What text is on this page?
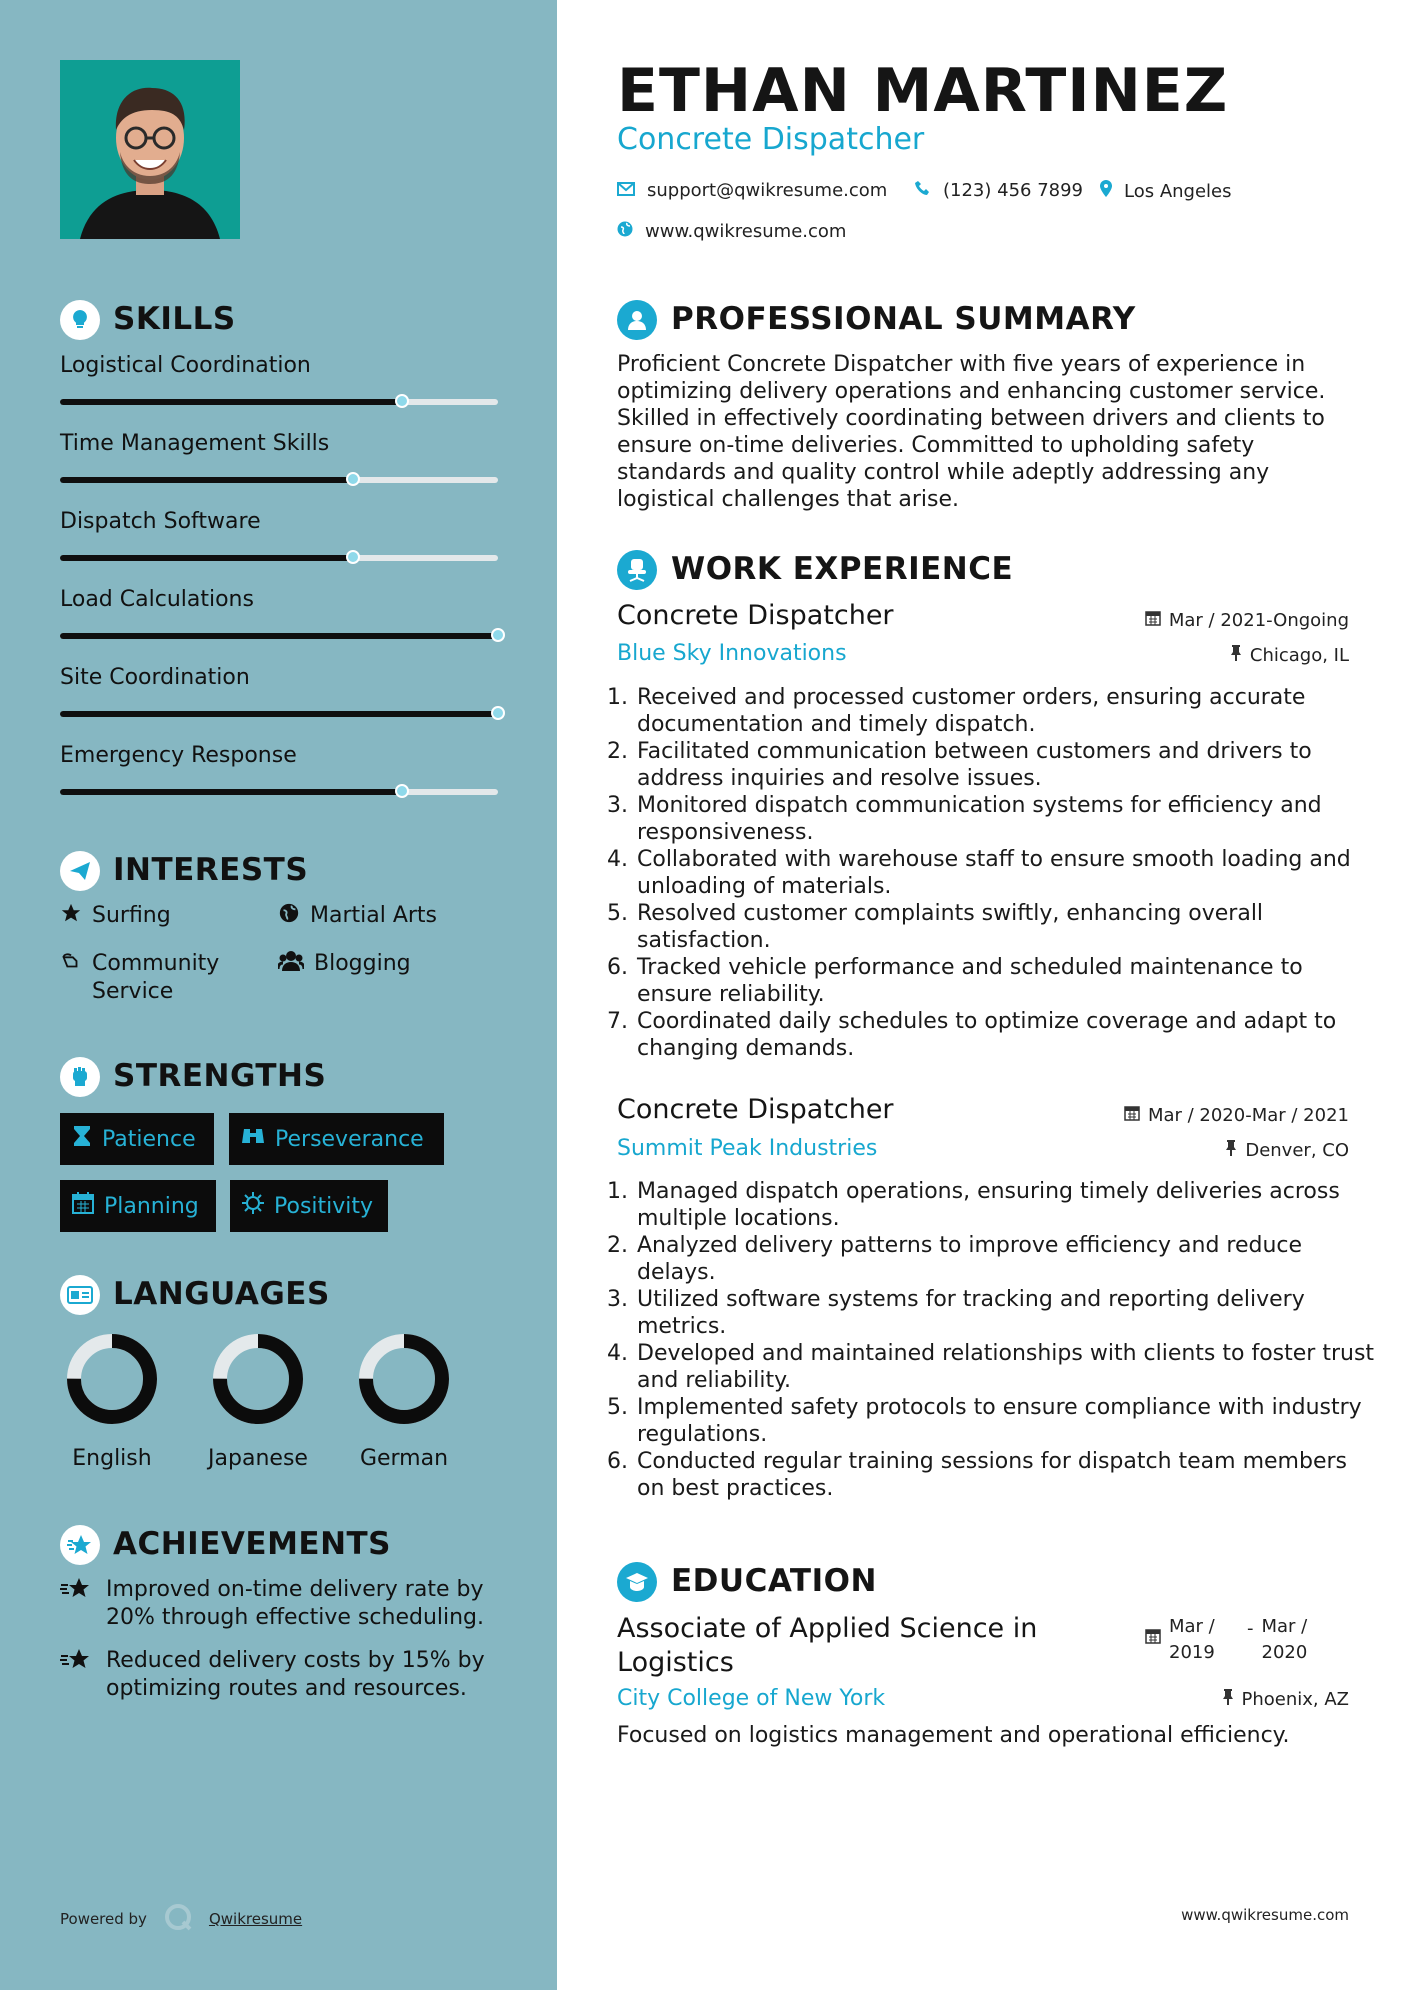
SKILLS
Logistical Coordination
Time Management Skills
Dispatch Software
Load Calculations
Site Coordination
Emergency Response
INTERESTS
Surfing	Martial Arts
Community Service
Blogging
STRENGTHS
Patience	Perseverance
Planning	Positivity
LANGUAGES
English	Japanese	German
ACHIEVEMENTS
Improved on-time delivery rate by 20% through effective scheduling.
Reduced delivery costs by 15% by optimizing routes and resources.
Powered by	Qwikresume
ETHAN MARTINEZ
Concrete Dispatcher
support@qwikresume.com	(123) 456 7899 Los Angeles
www.qwikresume.com
PROFESSIONAL SUMMARY
Proficient Concrete Dispatcher with five years of experience in optimizing delivery operations and enhancing customer service. Skilled in effectively coordinating between drivers and clients to ensure on-time deliveries. Committed to upholding safety standards and quality control while adeptly addressing any logistical challenges that arise.
WORK EXPERIENCE
Concrete Dispatcher	Mar / 2021-Ongoing
Blue Sky Innovations	Chicago, IL
1. Received and processed customer orders, ensuring accurate documentation and timely dispatch.
2. Facilitated communication between customers and drivers to address inquiries and resolve issues.
3. Monitored dispatch communication systems for efficiency and responsiveness.
4. Collaborated with warehouse staff to ensure smooth loading and unloading of materials.
5. Resolved customer complaints swiftly, enhancing overall satisfaction.
6. Tracked vehicle performance and scheduled maintenance to ensure reliability.
7. Coordinated daily schedules to optimize coverage and adapt to changing demands.
Concrete Dispatcher	Mar / 2020-Mar / 2021
Summit Peak Industries	Denver, CO
1. Managed dispatch operations, ensuring timely deliveries across multiple locations.
2. Analyzed delivery patterns to improve efficiency and reduce delays.
3. Utilized software systems for tracking and reporting delivery metrics.
4. Developed and maintained relationships with clients to foster trust and reliability.
5. Implemented safety protocols to ensure compliance with industry regulations.
6. Conducted regular training sessions for dispatch team members on best practices.
EDUCATION
Associate of Applied Science in Logistics
Mar / 2019
- Mar / 2020
City College of New York	Phoenix, AZ
Focused on logistics management and operational efficiency.
www.qwikresume.com
